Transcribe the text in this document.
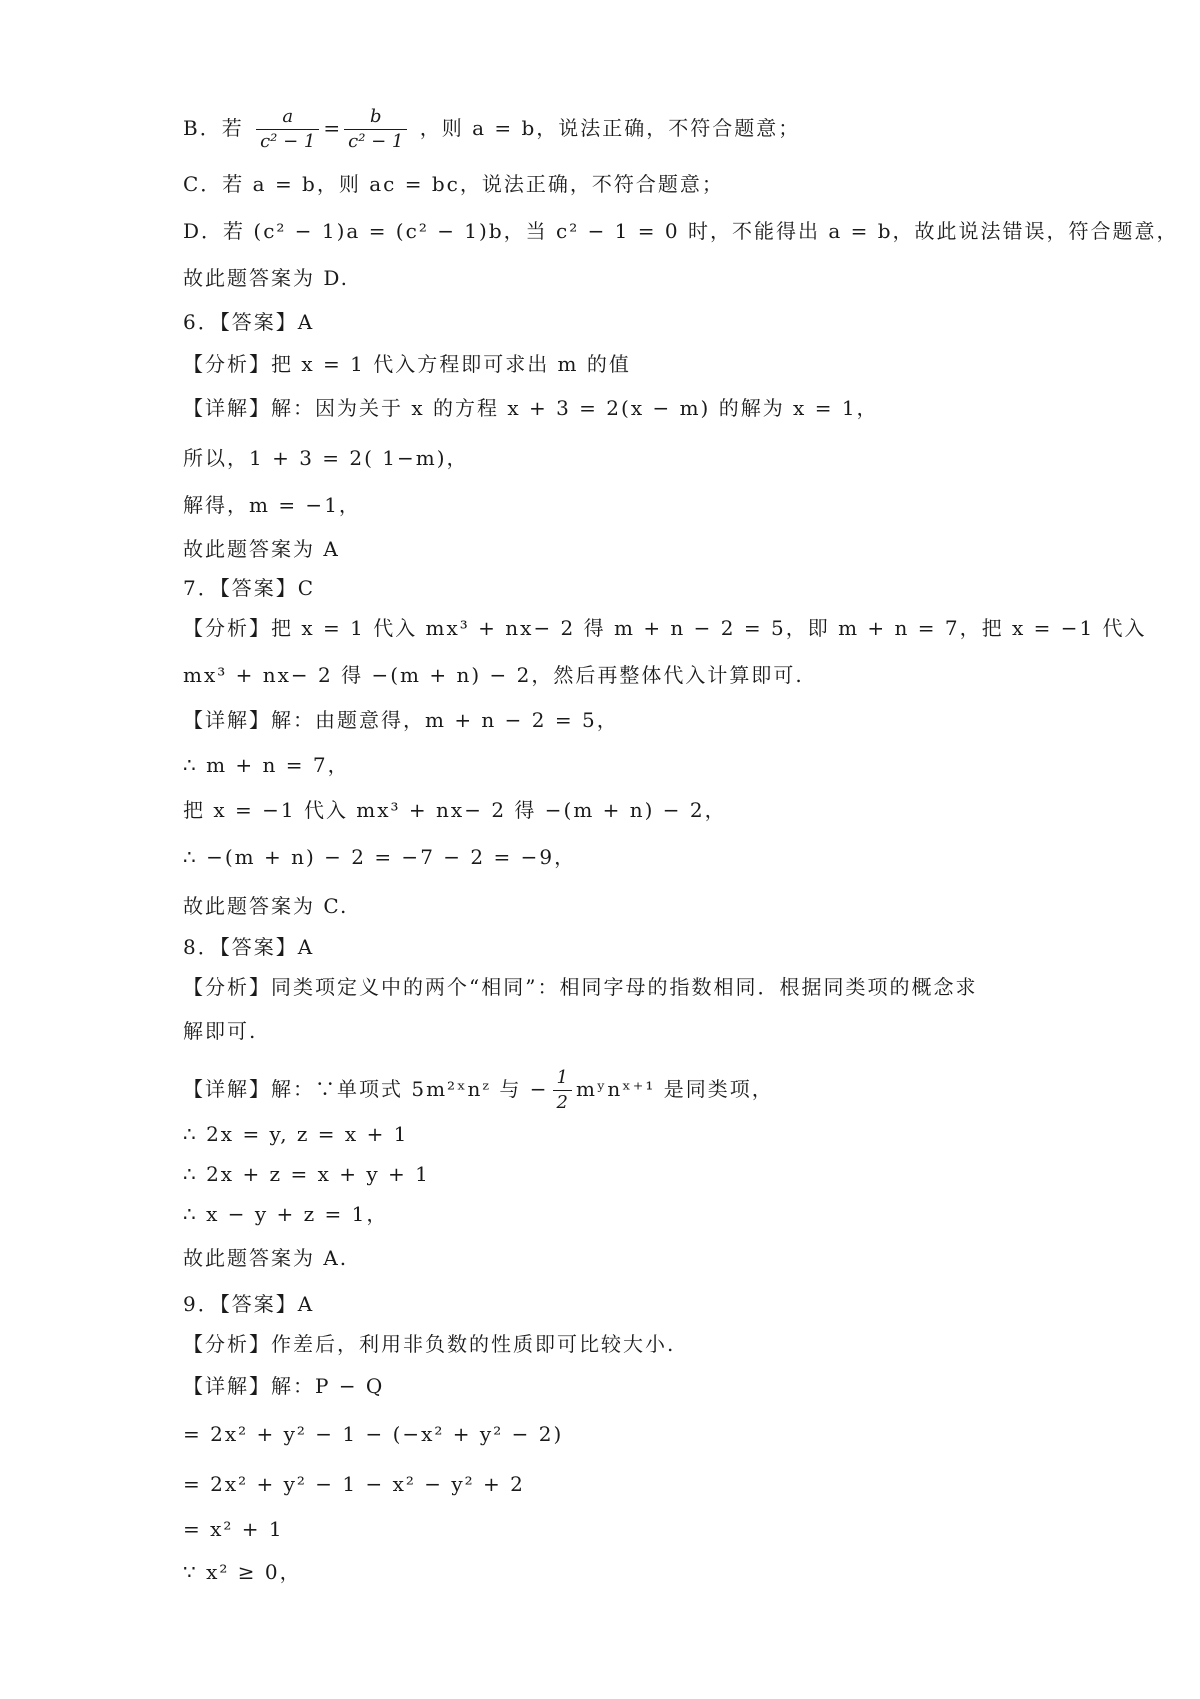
B．若 $\frac{a}{\text{c² − 1}} = \frac{b}{\text{c² − 1}}$ ，则 a = b，说法正确，不符合题意；
C．若 a = b，则 ac = bc，说法正确，不符合题意；
D．若 (c² − 1)a = (c² − 1)b，当 c² − 1 = 0 时，不能得出 a = b，故此说法错误，符合题意，
故此题答案为 D.
6．【答案】A
【分析】把 x = 1 代入方程即可求出 m 的值
【详解】解：因为关于 x 的方程 x + 3 = 2(x − m) 的解为 x = 1，
所以，1 + 3 = 2( 1−m)，
解得，m = −1，
故此题答案为 A
7．【答案】C
【分析】把 x = 1 代入 mx³ + nx− 2 得 m + n − 2 = 5，即 m + n = 7，把 x = −1 代入
mx³ + nx− 2 得 −(m + n) − 2，然后再整体代入计算即可.
【详解】解：由题意得，m + n − 2 = 5，
∴ m + n = 7，
把 x = −1 代入 mx³ + nx− 2 得 −(m + n) − 2，
∴ −(m + n) − 2 = −7 − 2 = −9，
故此题答案为 C.
8．【答案】A
【分析】同类项定义中的两个“相同”：相同字母的指数相同．根据同类项的概念求
解即可.
【详解】解：∵单项式 5m²ˣnᶻ 与 − $\frac{1}{2}$ mʸnˣ⁺¹ 是同类项，
∴ 2x = y, z = x + 1
∴ 2x + z = x + y + 1
∴ x − y + z = 1，
故此题答案为 A.
9．【答案】A
【分析】作差后，利用非负数的性质即可比较大小.
【详解】解：P − Q
= 2x² + y² − 1 − (−x² + y² − 2)
= 2x² + y² − 1 − x² − y² + 2
= x² + 1
∵ x² ≥ 0，
